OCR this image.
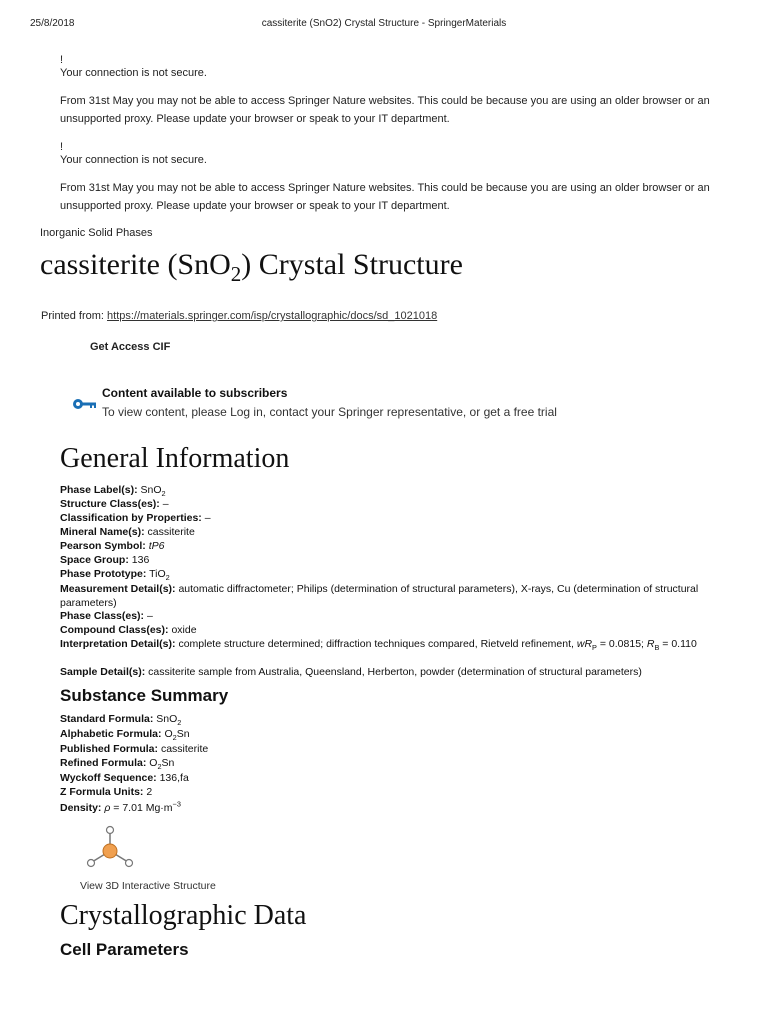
25/8/2018	cassiterite (SnO2) Crystal Structure - SpringerMaterials
!
Your connection is not secure.
From 31st May you may not be able to access Springer Nature websites. This could be because you are using an older browser or an unsupported proxy. Please update your browser or speak to your IT department.
!
Your connection is not secure.
From 31st May you may not be able to access Springer Nature websites. This could be because you are using an older browser or an unsupported proxy. Please update your browser or speak to your IT department.
Inorganic Solid Phases
cassiterite (SnO$_2$) Crystal Structure
Printed from: https://materials.springer.com/isp/crystallographic/docs/sd_1021018
Get Access CIF
Content available to subscribers
To view content, please Log in, contact your Springer representative, or get a free trial
General Information
Phase Label(s): SnO$_2$
Structure Class(es): –
Classification by Properties: –
Mineral Name(s): cassiterite
Pearson Symbol: tP6
Space Group: 136
Phase Prototype: TiO$_2$
Measurement Detail(s): automatic diffractometer; Philips (determination of structural parameters), X-rays, Cu (determination of structural parameters)
Phase Class(es): –
Compound Class(es): oxide
Interpretation Detail(s): complete structure determined; diffraction techniques compared, Rietveld refinement, $wR_P = 0.0815$; $R_B = 0.110$
Sample Detail(s): cassiterite sample from Australia, Queensland, Herberton, powder (determination of structural parameters)
Substance Summary
Standard Formula: SnO$_2$
Alphabetic Formula: $O_2Sn$
Published Formula: cassiterite
Refined Formula: $O_2Sn$
Wyckoff Sequence: 136,fa
Z Formula Units: 2
Density: ρ = 7.01 $Mg\cdot m^{-3}$
View 3D Interactive Structure
Crystallographic Data
Cell Parameters
